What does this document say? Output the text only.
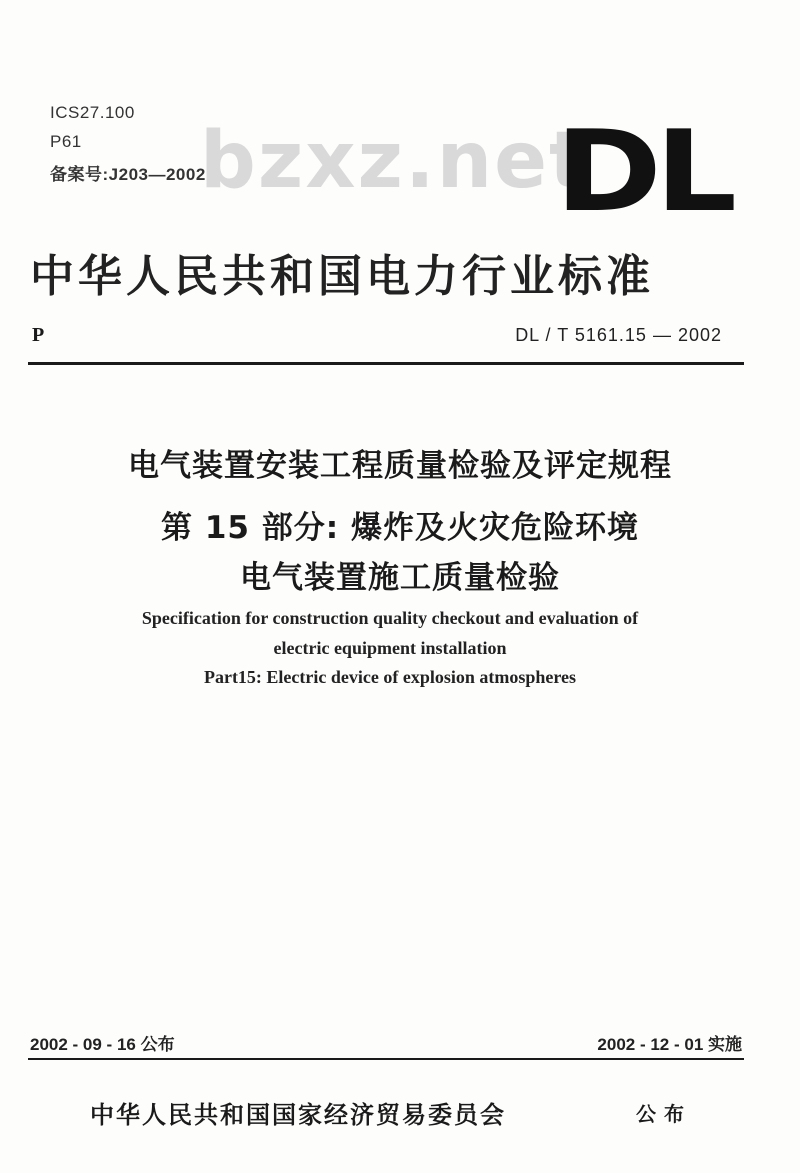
ICS27.100
P61
备案号:J203—2002
bzxz.net
DL
中华人民共和国电力行业标准
P	DL / T 5161.15 — 2002
电气装置安装工程质量检验及评定规程
第 15 部分: 爆炸及火灾危险环境
电气装置施工质量检验
Specification for construction quality checkout and evaluation of
electric equipment installation
Part15: Electric device of explosion atmospheres
2002 - 09 - 16 公布	2002 - 12 - 01 实施
中华人民共和国国家经济贸易委员会	公布
